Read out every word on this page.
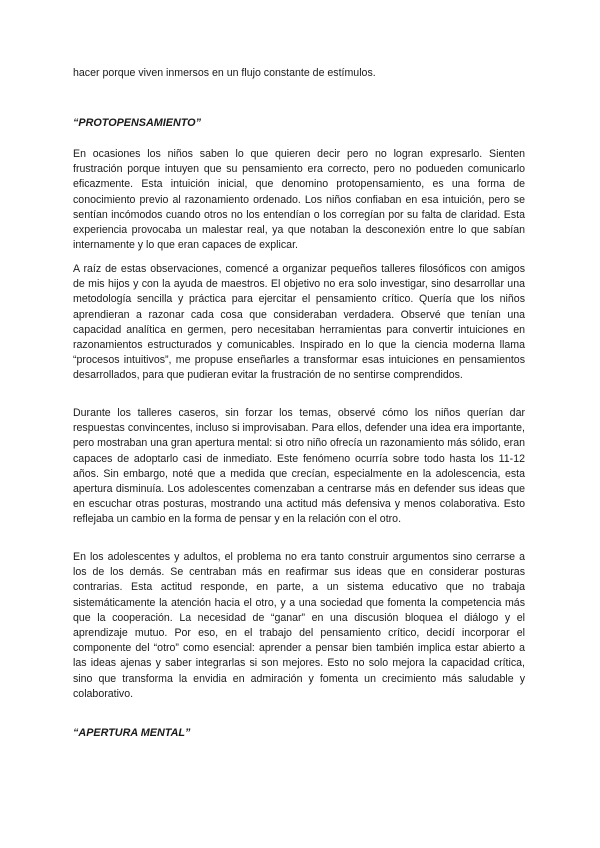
hacer porque viven inmersos en un flujo constante de estímulos.

“PROTOPENSAMIENTO”

En ocasiones los niños saben lo que quieren decir pero no logran expresarlo. Sienten frustración porque intuyen que su pensamiento era correcto, pero no podueden comunicarlo eficazmente. Esta intuición inicial, que denomino protopensamiento, es una forma de conocimiento previo al razonamiento ordenado. Los niños confiaban en esa intuición, pero se sentían incómodos cuando otros no los entendían o los corregían por su falta de claridad. Esta experiencia provocaba un malestar real, ya que notaban la desconexión entre lo que sabían internamente y lo que eran capaces de explicar.

A raíz de estas observaciones, comencé a organizar pequeños talleres filosóficos con amigos de mis hijos y con la ayuda de maestros. El objetivo no era solo investigar, sino desarrollar una metodología sencilla y práctica para ejercitar el pensamiento crítico. Quería que los niños aprendieran a razonar cada cosa que consideraban verdadera. Observé que tenían una capacidad analítica en germen, pero necesitaban herramientas para convertir intuiciones en razonamientos estructurados y comunicables. Inspirado en lo que la ciencia moderna llama “procesos intuitivos”, me propuse enseñarles a transformar esas intuiciones en pensamientos desarrollados, para que pudieran evitar la frustración de no sentirse comprendidos.

Durante los talleres caseros, sin forzar los temas, observé cómo los niños querían dar respuestas convincentes, incluso si improvisaban. Para ellos, defender una idea era importante, pero mostraban una gran apertura mental: si otro niño ofrecía un razonamiento más sólido, eran capaces de adoptarlo casi de inmediato. Este fenómeno ocurría sobre todo hasta los 11-12 años. Sin embargo, noté que a medida que crecían, especialmente en la adolescencia, esta apertura disminuía. Los adolescentes comenzaban a centrarse más en defender sus ideas que en escuchar otras posturas, mostrando una actitud más defensiva y menos colaborativa. Esto reflejaba un cambio en la forma de pensar y en la relación con el otro.

En los adolescentes y adultos, el problema no era tanto construir argumentos sino cerrarse a los de los demás. Se centraban más en reafirmar sus ideas que en considerar posturas contrarias. Esta actitud responde, en parte, a un sistema educativo que no trabaja sistemáticamente la atención hacia el otro, y a una sociedad que fomenta la competencia más que la cooperación. La necesidad de “ganar” en una discusión bloquea el diálogo y el aprendizaje mutuo. Por eso, en el trabajo del pensamiento crítico, decidí incorporar el componente del “otro” como esencial: aprender a pensar bien también implica estar abierto a las ideas ajenas y saber integrarlas si son mejores. Esto no solo mejora la capacidad crítica, sino que transforma la envidia en admiración y fomenta un crecimiento más saludable y colaborativo.

“APERTURA MENTAL”
